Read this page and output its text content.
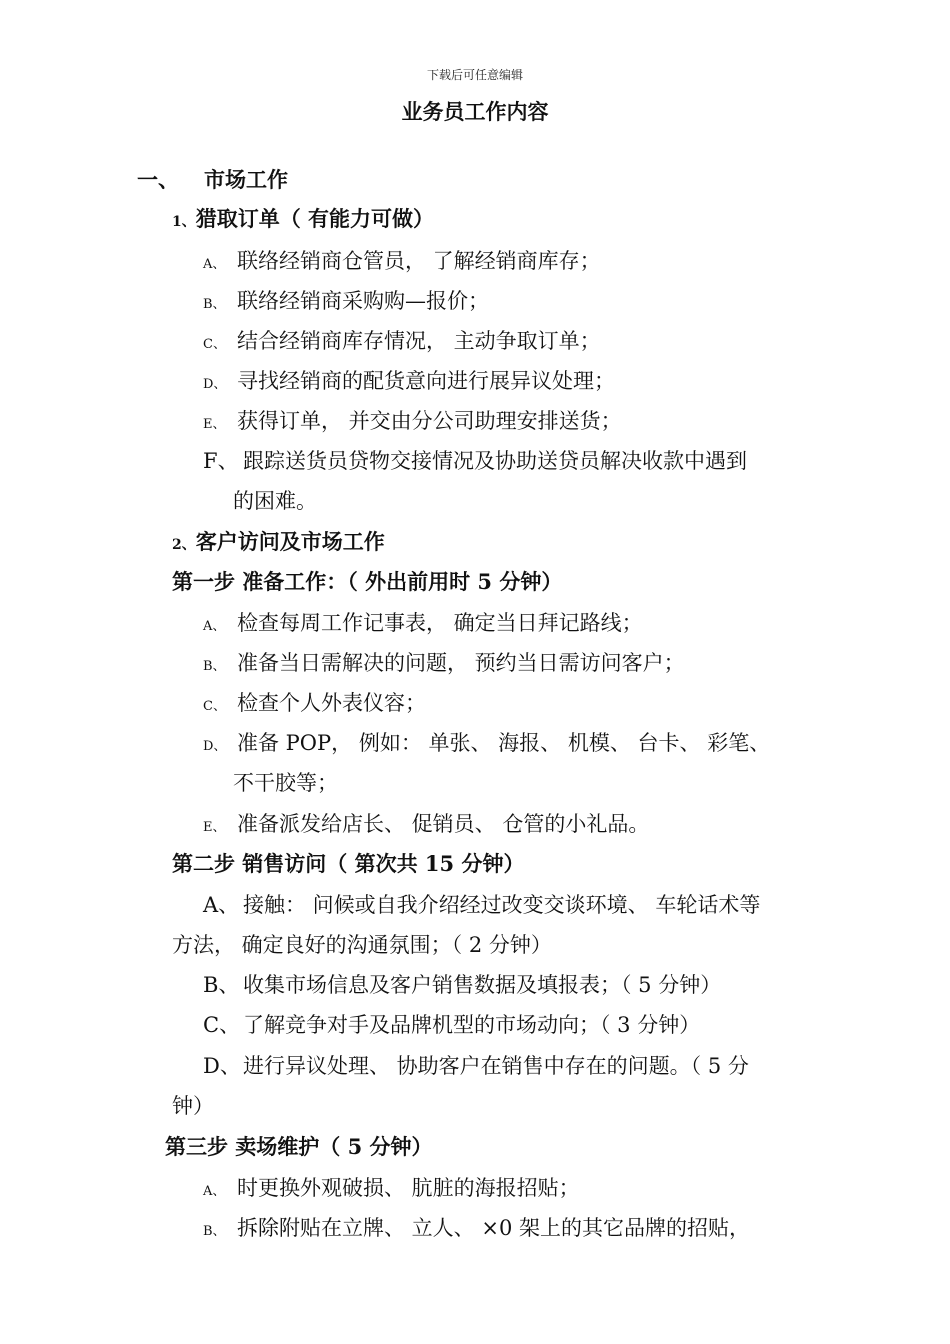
下载后可任意编辑
业务员工作内容
一、 市场工作
1、猎取订单（ 有能力可做）
A、 联络经销商仓管员， 了解经销商库存；
B、 联络经销商采购购—报价；
C、 结合经销商库存情况， 主动争取订单；
D、 寻找经销商的配货意向进行展异议处理；
E、 获得订单， 并交由分公司助理安排送货；
F、 跟踪送货员贷物交接情况及协助送贷员解决收款中遇到
的困难。
2、客户访问及市场工作
第一步 准备工作：（ 外出前用时 5 分钟）
A、 检查每周工作记事表， 确定当日拜记路线；
B、 准备当日需解决的问题， 预约当日需访问客户；
C、 检查个人外表仪容；
D、 准备 POP， 例如： 单张、 海报、 机模、 台卡、 彩笔、
不干胶等；
E、 准备派发给店长、 促销员、 仓管的小礼品。
第二步 销售访问（ 第次共 15 分钟）
A、 接触： 问候或自我介绍经过改变交谈环境、 车轮话术等
方法， 确定良好的沟通氛围；（ 2 分钟）
B、 收集市场信息及客户销售数据及填报表；（ 5 分钟）
C、 了解竞争对手及品牌机型的市场动向；（ 3 分钟）
D、 进行异议处理、 协助客户在销售中存在的问题。（ 5 分
钟）
第三步 卖场维护（ 5 分钟）
A、 时更换外观破损、 肮脏的海报招贴；
B、 拆除附贴在立牌、 立人、 ×0 架上的其它品牌的招贴，
